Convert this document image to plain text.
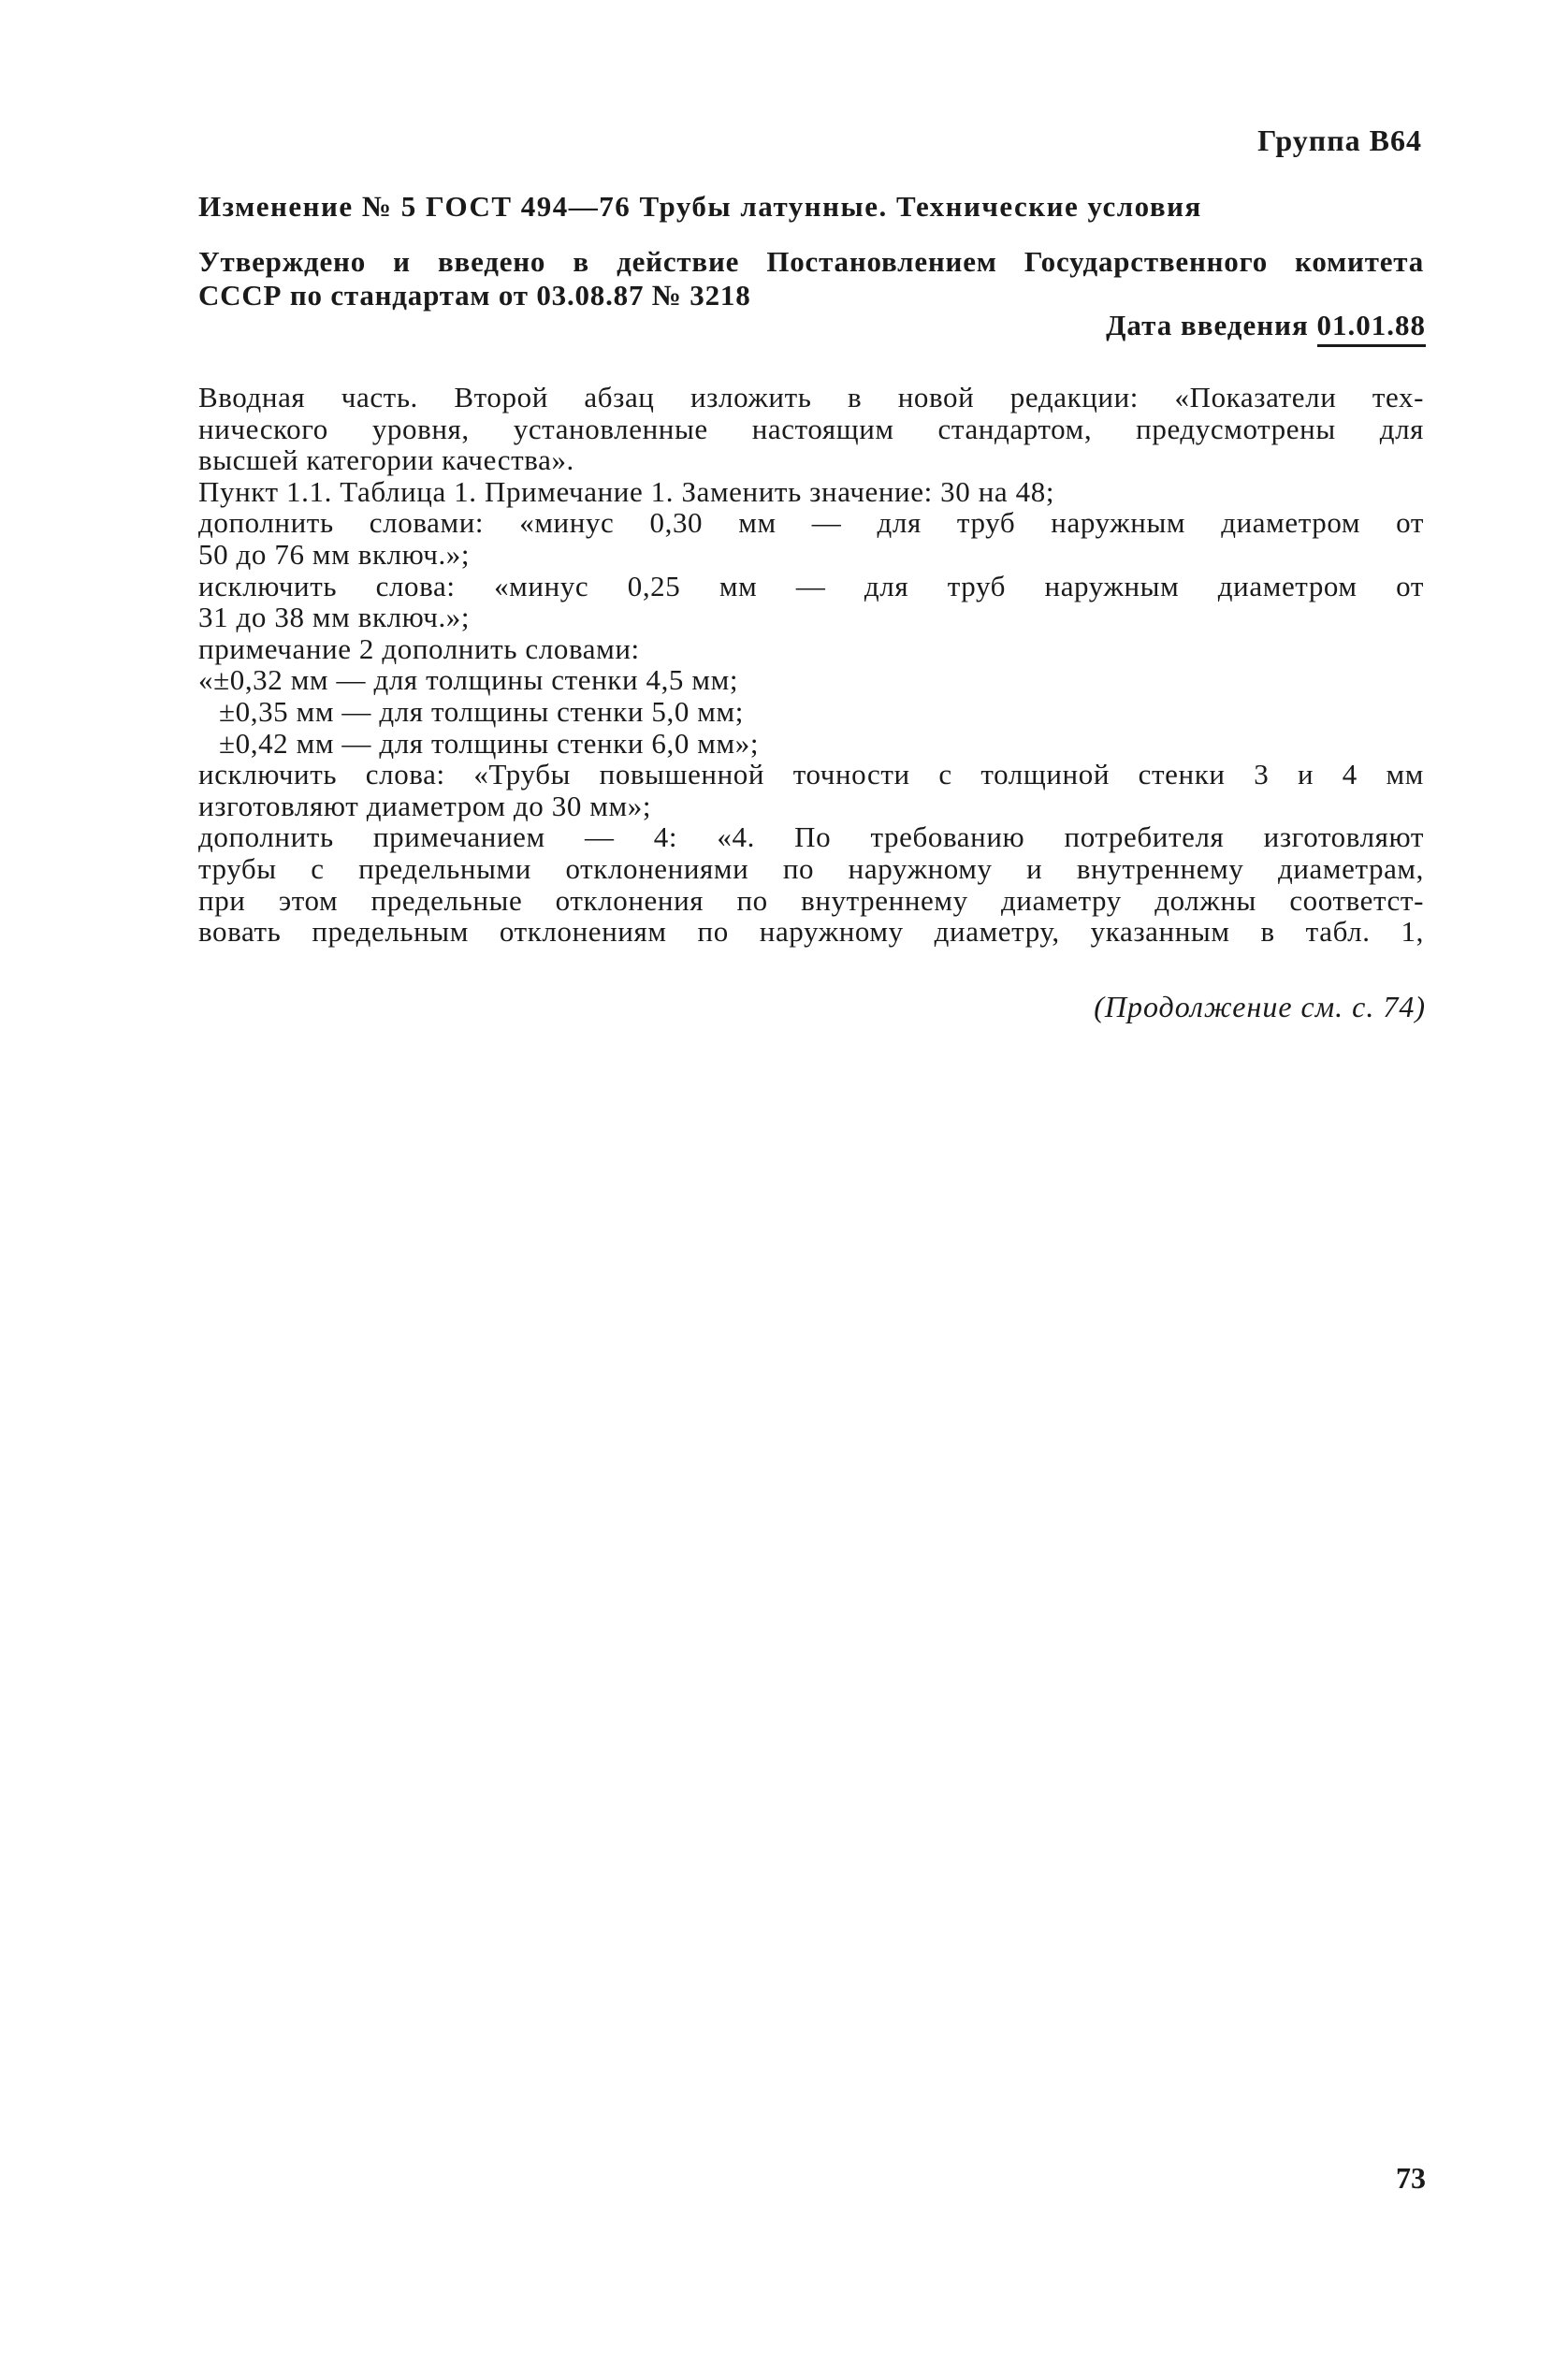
Группа В64
Изменение № 5 ГОСТ 494—76 Трубы латунные. Технические условия
Утверждено и введено в действие Постановлением Государственного комитета
СССР по стандартам от 03.08.87 № 3218
Дата введения 01.01.88
Вводная часть. Второй абзац изложить в новой редакции: «Показатели тех-
нического уровня, установленные настоящим стандартом, предусмотрены для
высшей категории качества».
Пункт 1.1. Таблица 1. Примечание 1. Заменить значение: 30 на 48;
дополнить словами: «минус 0,30 мм — для труб наружным диаметром от
50 до 76 мм включ.»;
исключить слова: «минус 0,25 мм — для труб наружным диаметром от
31 до 38 мм включ.»;
примечание 2 дополнить словами:
«±0,32 мм — для толщины стенки 4,5 мм;
±0,35 мм — для толщины стенки 5,0 мм;
±0,42 мм — для толщины стенки 6,0 мм»;
исключить слова: «Трубы повышенной точности с толщиной стенки 3 и 4 мм
изготовляют диаметром до 30 мм»;
дополнить примечанием — 4: «4. По требованию потребителя изготовляют
трубы с предельными отклонениями по наружному и внутреннему диаметрам,
при этом предельные отклонения по внутреннему диаметру должны соответст-
вовать предельным отклонениям по наружному диаметру, указанным в табл. 1,
(Продолжение см. с. 74)
73
